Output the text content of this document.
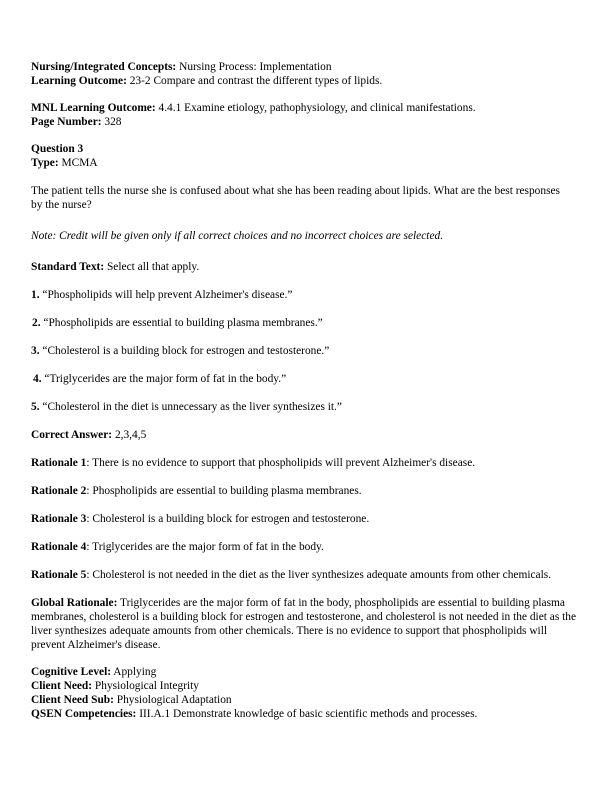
Nursing/Integrated Concepts: Nursing Process: Implementation
Learning Outcome: 23-2 Compare and contrast the different types of lipids.
MNL Learning Outcome: 4.4.1 Examine etiology, pathophysiology, and clinical manifestations.
Page Number: 328
Question 3
Type: MCMA
The patient tells the nurse she is confused about what she has been reading about lipids. What are the best responses by the nurse?
Note: Credit will be given only if all correct choices and no incorrect choices are selected.
Standard Text: Select all that apply.
1. “Phospholipids will help prevent Alzheimer's disease.”
2. “Phospholipids are essential to building plasma membranes.”
3. “Cholesterol is a building block for estrogen and testosterone.”
4. “Triglycerides are the major form of fat in the body.”
5. “Cholesterol in the diet is unnecessary as the liver synthesizes it.”
Correct Answer: 2,3,4,5
Rationale 1: There is no evidence to support that phospholipids will prevent Alzheimer's disease.
Rationale 2: Phospholipids are essential to building plasma membranes.
Rationale 3: Cholesterol is a building block for estrogen and testosterone.
Rationale 4: Triglycerides are the major form of fat in the body.
Rationale 5: Cholesterol is not needed in the diet as the liver synthesizes adequate amounts from other chemicals.
Global Rationale: Triglycerides are the major form of fat in the body, phospholipids are essential to building plasma membranes, cholesterol is a building block for estrogen and testosterone, and cholesterol is not needed in the diet as the liver synthesizes adequate amounts from other chemicals. There is no evidence to support that phospholipids will prevent Alzheimer's disease.
Cognitive Level: Applying
Client Need: Physiological Integrity
Client Need Sub: Physiological Adaptation
QSEN Competencies: III.A.1 Demonstrate knowledge of basic scientific methods and processes.
